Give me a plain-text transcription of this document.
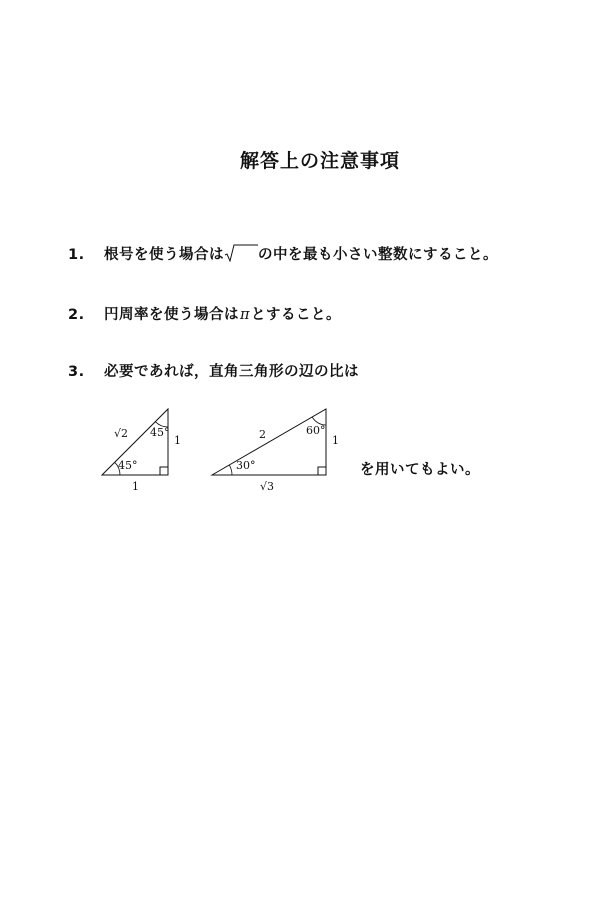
解答上の注意事項
1. 根号を使う場合は の中を最も小さい整数にすること。
2. 円周率を使う場合はπとすること。
3. 必要であれば，直角三角形の辺の比は
√2 45°
45°
1
1
2	60°
30°
1
√3
を用いてもよい。
